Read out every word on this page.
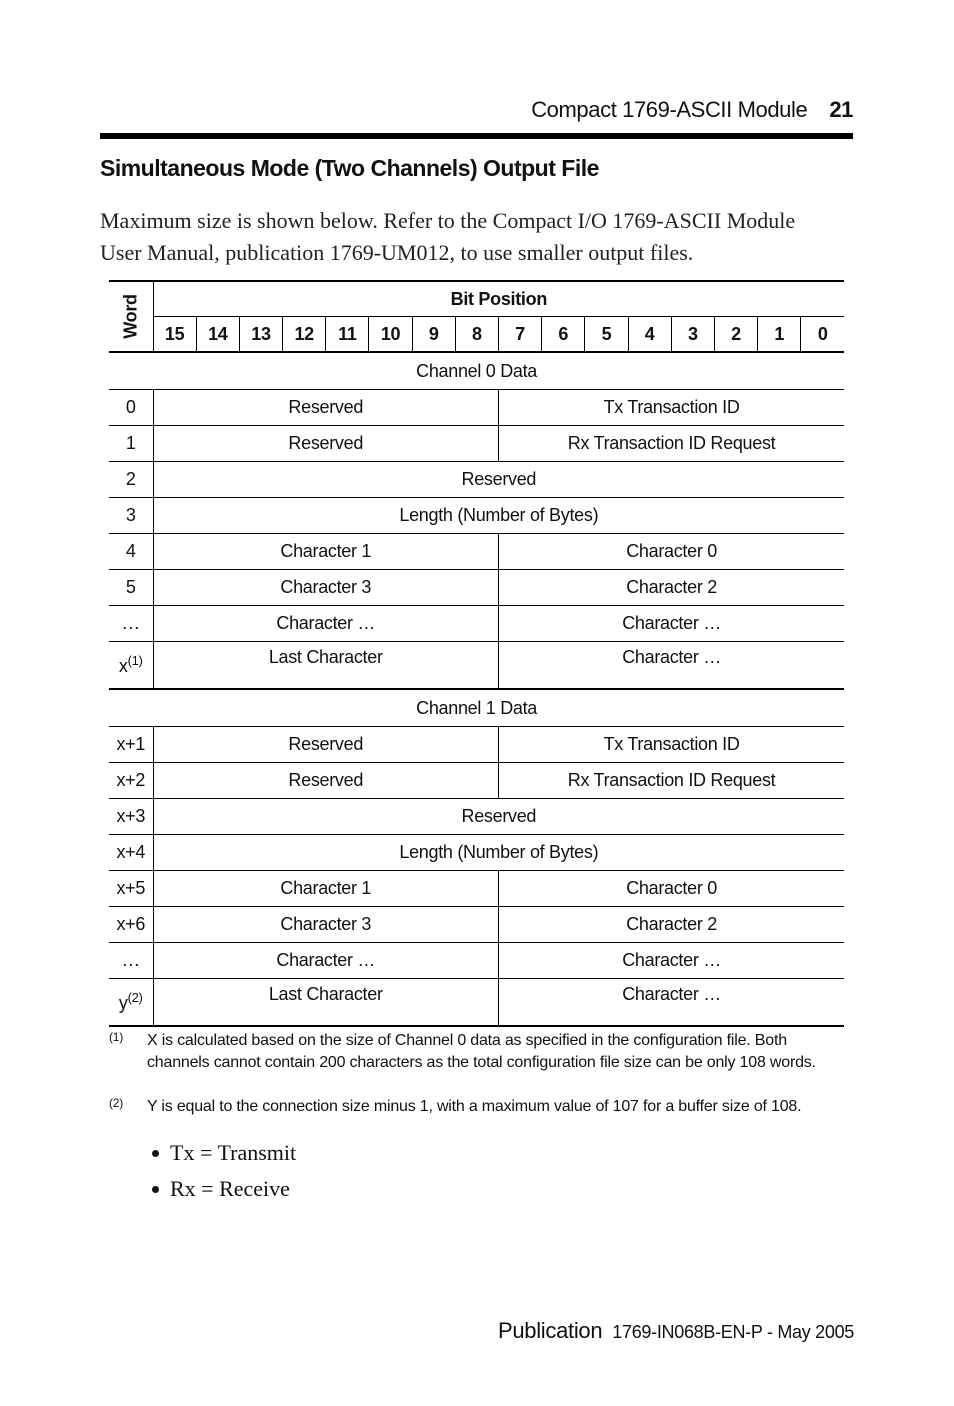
Compact 1769-ASCII Module 21
Simultaneous Mode (Two Channels) Output File

Maximum size is shown below. Refer to the Compact I/O 1769-ASCII Module User Manual, publication 1769-UM012, to use smaller output files.

Word	Bit Position															
	15	14	13	12	11	10	9	8	7	6	5	4	3	2	1	0
Channel 0 Data																
0	Reserved								Tx Transaction ID							
1	Reserved								Rx Transaction ID Request							
2	Reserved															
3	Length (Number of Bytes)															
4	Character 1								Character 0							
5	Character 3								Character 2							
…	Character …								Character …							
$x^{(1)}$	Last Character								Character …							
Channel 1 Data																
x+1	Reserved								Tx Transaction ID							
x+2	Reserved								Rx Transaction ID Request							
x+3	Reserved															
x+4	Length (Number of Bytes)															
x+5	Character 1								Character 0							
x+6	Character 3								Character 2							
…	Character …								Character …							
$y^{(2)}$	Last Character								Character …							
(1)	X is calculated based on the size of Channel 0 data as specified in the configuration file. Both channels cannot contain 200 characters as the total configuration file size can be only 108 words.
(2)	Y is equal to the connection size minus 1, with a maximum value of 107 for a buffer size of 108.
Tx = Transmit
Rx = Receive
Publication 1769-IN068B-EN-P - May 2005
